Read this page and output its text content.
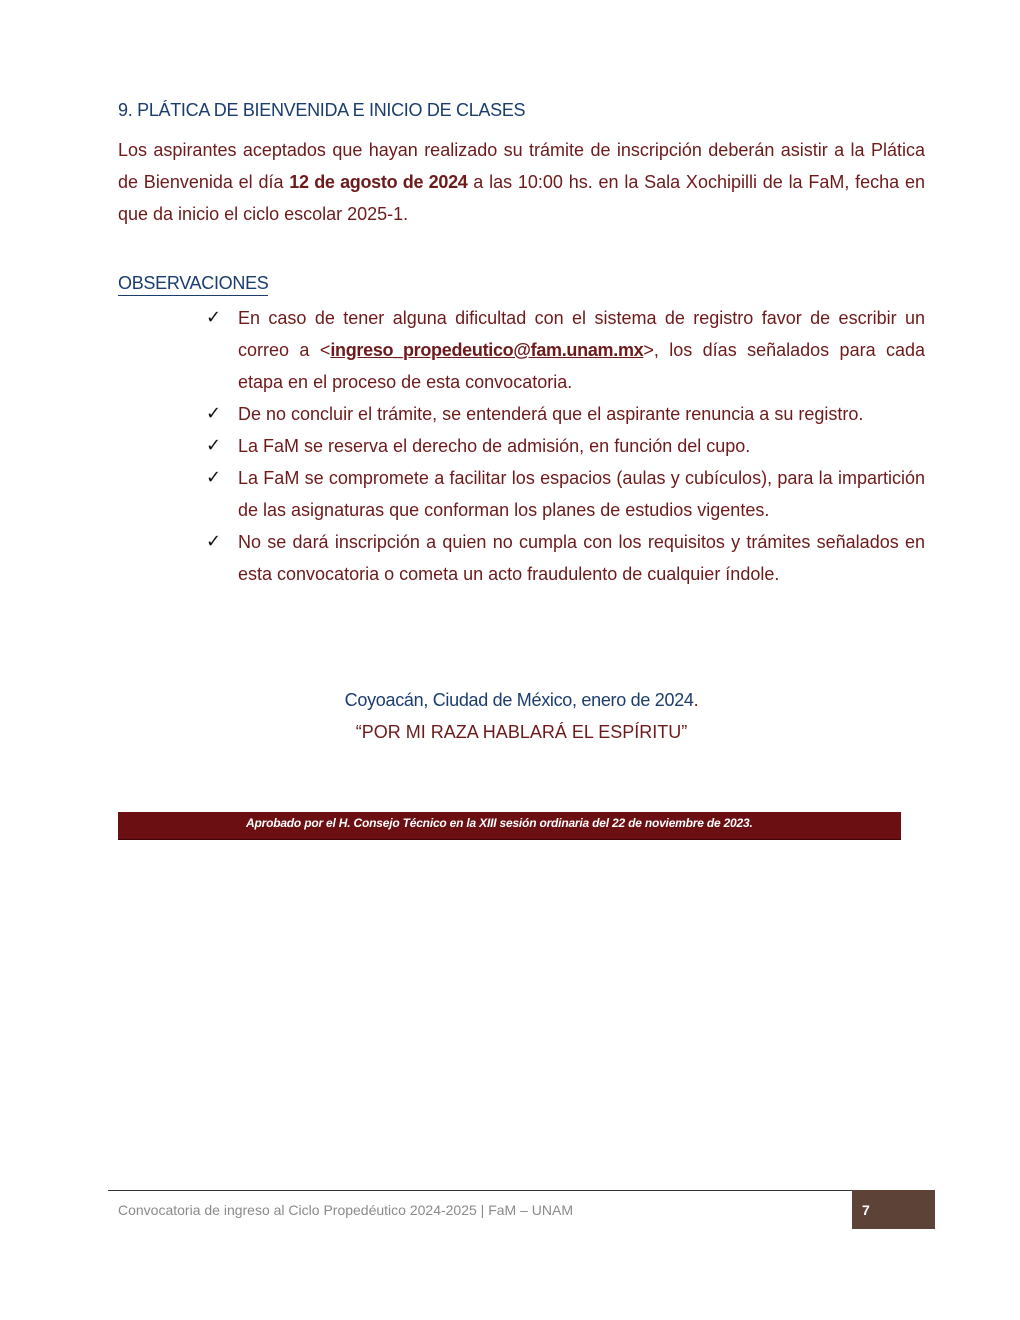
9. PLÁTICA DE BIENVENIDA E INICIO DE CLASES
Los aspirantes aceptados que hayan realizado su trámite de inscripción deberán asistir a la Plática de Bienvenida el día 12 de agosto de 2024 a las 10:00 hs. en la Sala Xochipilli de la FaM, fecha en que da inicio el ciclo escolar 2025-1.
OBSERVACIONES
✓ En caso de tener alguna dificultad con el sistema de registro favor de escribir un correo a <ingreso_propedeutico@fam.unam.mx>, los días señalados para cada etapa en el proceso de esta convocatoria.
✓ De no concluir el trámite, se entenderá que el aspirante renuncia a su registro.
✓ La FaM se reserva el derecho de admisión, en función del cupo.
✓ La FaM se compromete a facilitar los espacios (aulas y cubículos), para la impartición de las asignaturas que conforman los planes de estudios vigentes.
✓ No se dará inscripción a quien no cumpla con los requisitos y trámites señalados en esta convocatoria o cometa un acto fraudulento de cualquier índole.
Coyoacán, Ciudad de México, enero de 2024.
“POR MI RAZA HABLARÁ EL ESPÍRITU”
Aprobado por el H. Consejo Técnico en la XIII sesión ordinaria del 22 de noviembre de 2023.
Convocatoria de ingreso al Ciclo Propedéutico 2024-2025 | FaM – UNAM	7
